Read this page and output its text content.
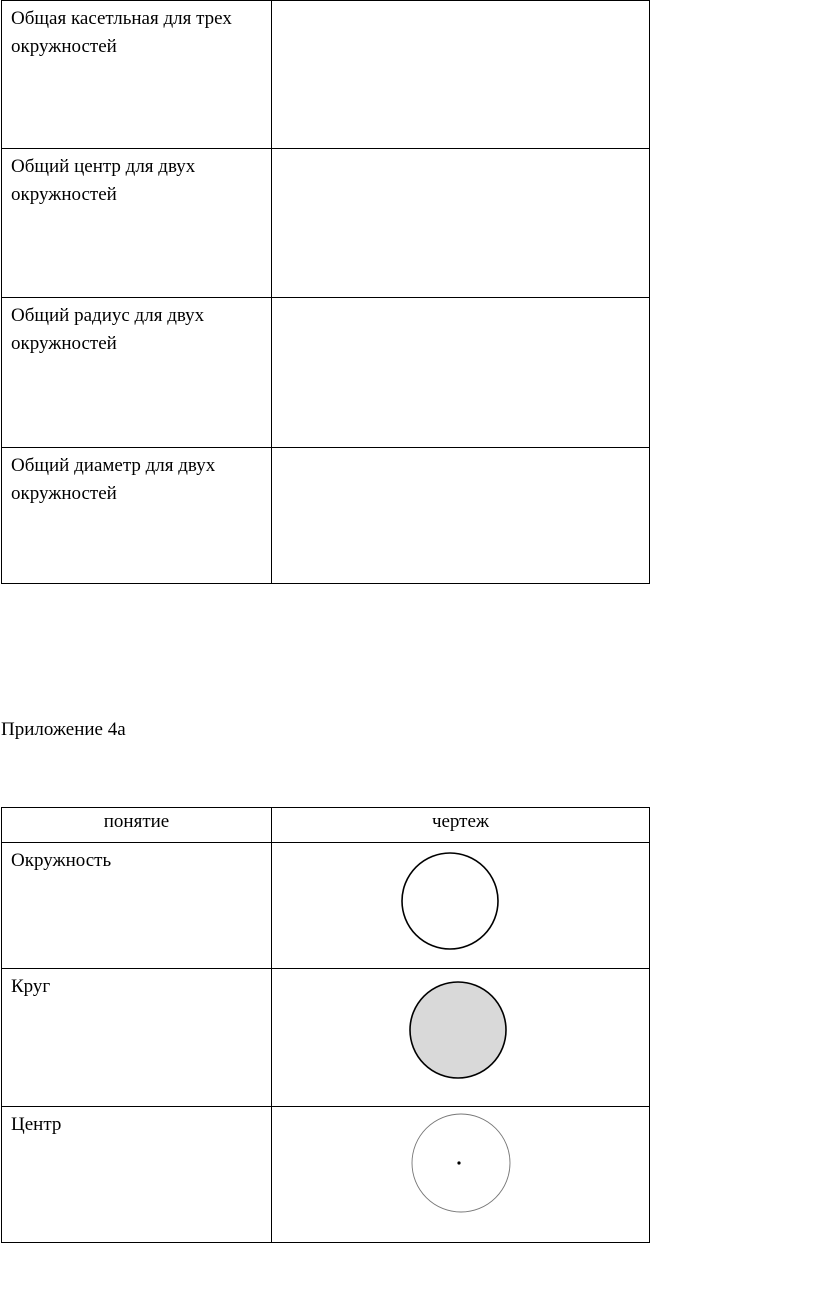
Общая касетльная для трех окружностей	
Общий центр для двух окружностей	
Общий радиус для двух окружностей	
Общий диаметр для двух окружностей	
Приложение 4а
понятие	чертеж
Окружность	

Круг	

Центр	
